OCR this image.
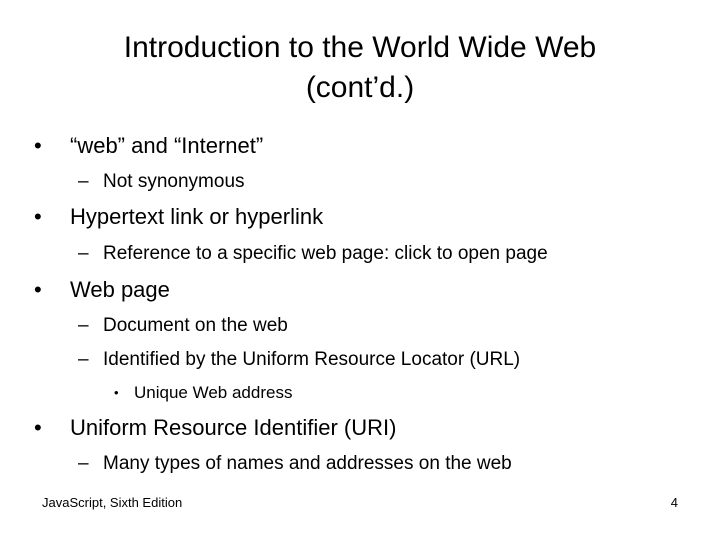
Introduction to the World Wide Web
(cont’d.)
• “web” and “Internet”
– Not synonymous
• Hypertext link or hyperlink
– Reference to a specific web page: click to open page
• Web page
– Document on the web
– Identified by the Uniform Resource Locator (URL)
• Unique Web address
• Uniform Resource Identifier (URI)
– Many types of names and addresses on the web
JavaScript, Sixth Edition	4
